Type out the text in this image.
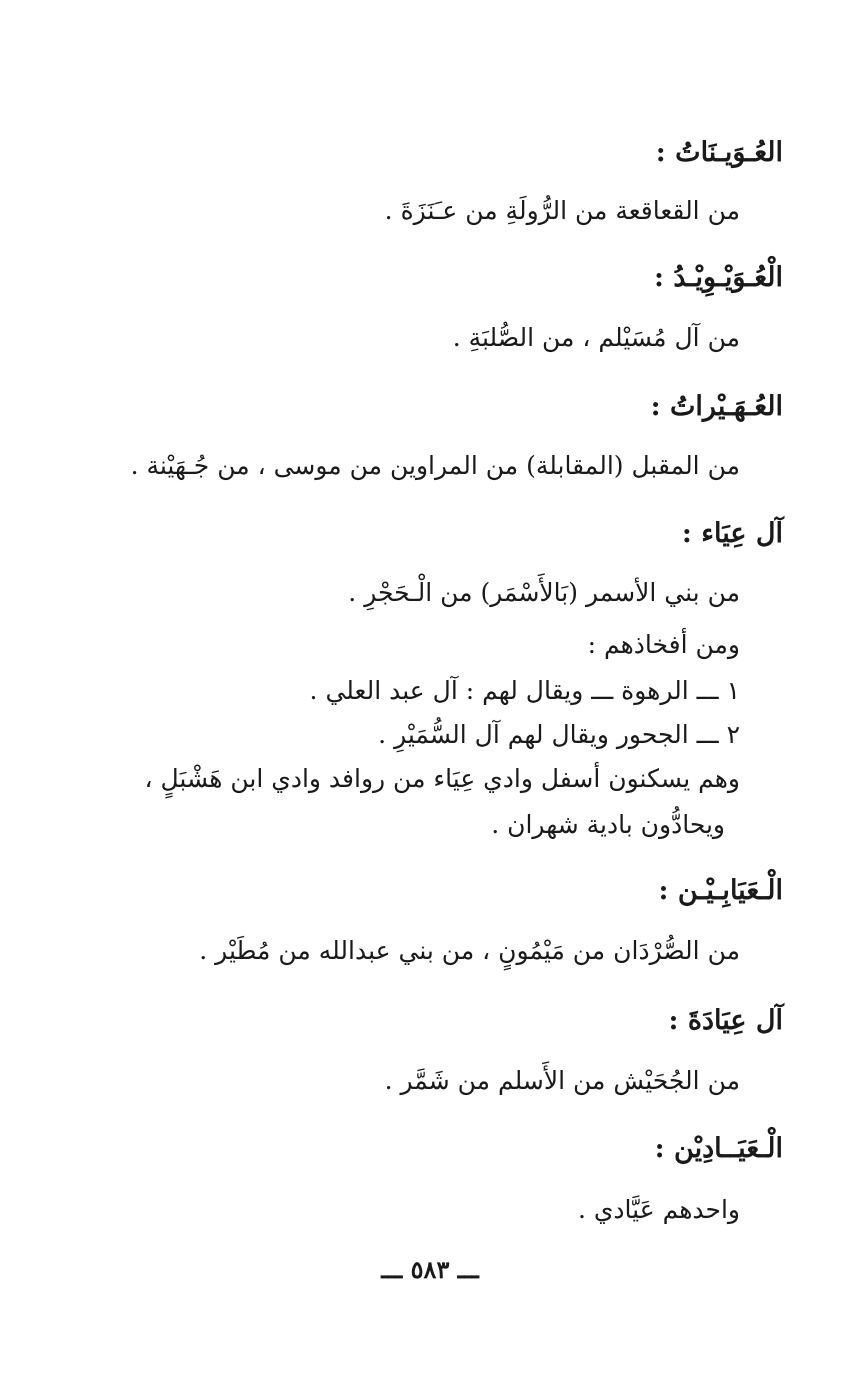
العُـوَيـنَاتُ :
من القعاقعة من الرُّولَةِ من عـَنَزَةَ .
الْعُـوَيْـوِيْـدُ :
من آل مُسَيْلم ، من الصُّلبَةِ .
العُـهَـيْراتُ :
من المقبل (المقابلة) من المراوين من موسى ، من جُـهَيْنة .
آل عِيَاء :
من بني الأسمر (بَالأَسْمَر) من الْـحَجْرِ .
ومن أفخاذهم :
١ ـــ الرهوة ـــ ويقال لهم : آل عبد العلي .
٢ ـــ الجحور ويقال لهم آل السُّمَيْرِ .
وهم يسكنون أسفل وادي عِيَاء من روافد وادي ابن هَشْبَلٍ ،
ويحادُّون بادية شهران .
الْـعَيَابِـيْـن :
من الصُّرْدَان من مَيْمُونٍ ، من بني عبدالله من مُطَيْر .
آل عِيَادَةَ :
من الجُحَيْش من الأَسلم من شَمَّر .
الْـعَيَــادِيْن :
واحدهم عَيَّادي .
ـــ ٥٨٣ ـــ
